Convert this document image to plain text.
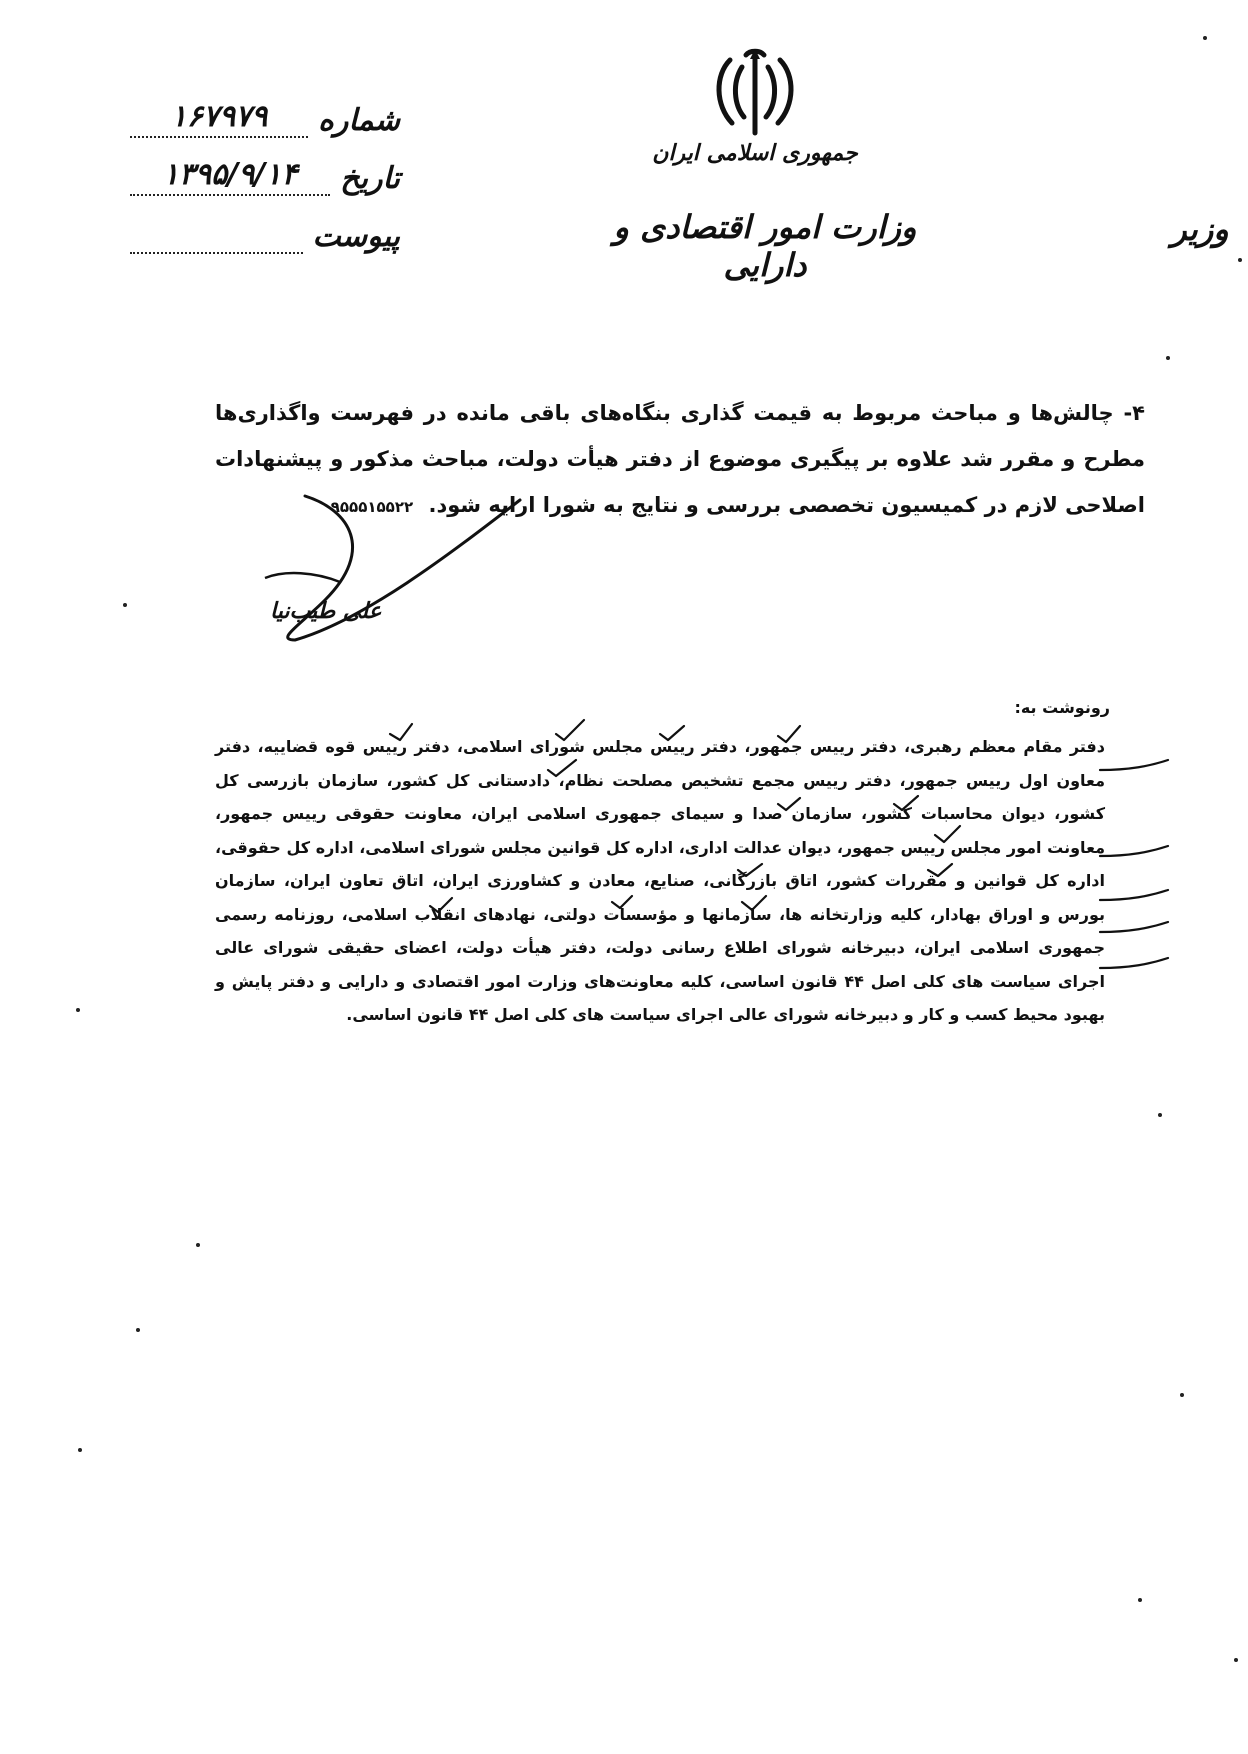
شماره
۱۶۷۹۷۹
تاریخ
۱۳۹۵/۹/۱۴
پیوست
جمهوری اسلامی ایران
وزارت امور اقتصادی و دارایی
وزیر
۴- چالش‌ها و مباحث مربوط به قیمت گذاری بنگاه‌های باقی مانده در فهرست واگذاری‌ها مطرح و مقرر شد علاوه بر پیگیری موضوع از دفتر هیأت دولت، مباحث مذکور و پیشنهادات اصلاحی لازم در کمیسیون تخصصی بررسی و نتایج به شورا ارایه شود. ۹۵۵۵۱۵۵۲۲
علی طیب‌نیا
رونوشت به:
دفتر مقام معظم رهبری، دفتر رییس جمهور، دفتر رییس مجلس شورای اسلامی، دفتر رییس قوه قضاییه، دفتر معاون اول رییس جمهور، دفتر رییس مجمع تشخیص مصلحت نظام، دادستانی کل کشور، سازمان بازرسی کل کشور، دیوان محاسبات کشور، سازمان صدا و سیمای جمهوری اسلامی ایران، معاونت حقوقی رییس جمهور، معاونت امور مجلس رییس جمهور، دیوان عدالت اداری، اداره کل قوانین مجلس شورای اسلامی، اداره کل حقوقی، اداره کل قوانین و مقررات کشور، اتاق بازرگانی، صنایع، معادن و کشاورزی ایران، اتاق تعاون ایران، سازمان بورس و اوراق بهادار، کلیه وزارتخانه ها، سازمانها و مؤسسات دولتی، نهادهای انقلاب اسلامی، روزنامه رسمی جمهوری اسلامی ایران، دبیرخانه شورای اطلاع رسانی دولت، دفتر هیأت دولت، اعضای حقیقی شورای عالی اجرای سیاست های کلی اصل ۴۴ قانون اساسی، کلیه معاونت‌های وزارت امور اقتصادی و دارایی و دفتر پایش و بهبود محیط کسب و کار و دبیرخانه شورای عالی اجرای سیاست های کلی اصل ۴۴ قانون اساسی.
